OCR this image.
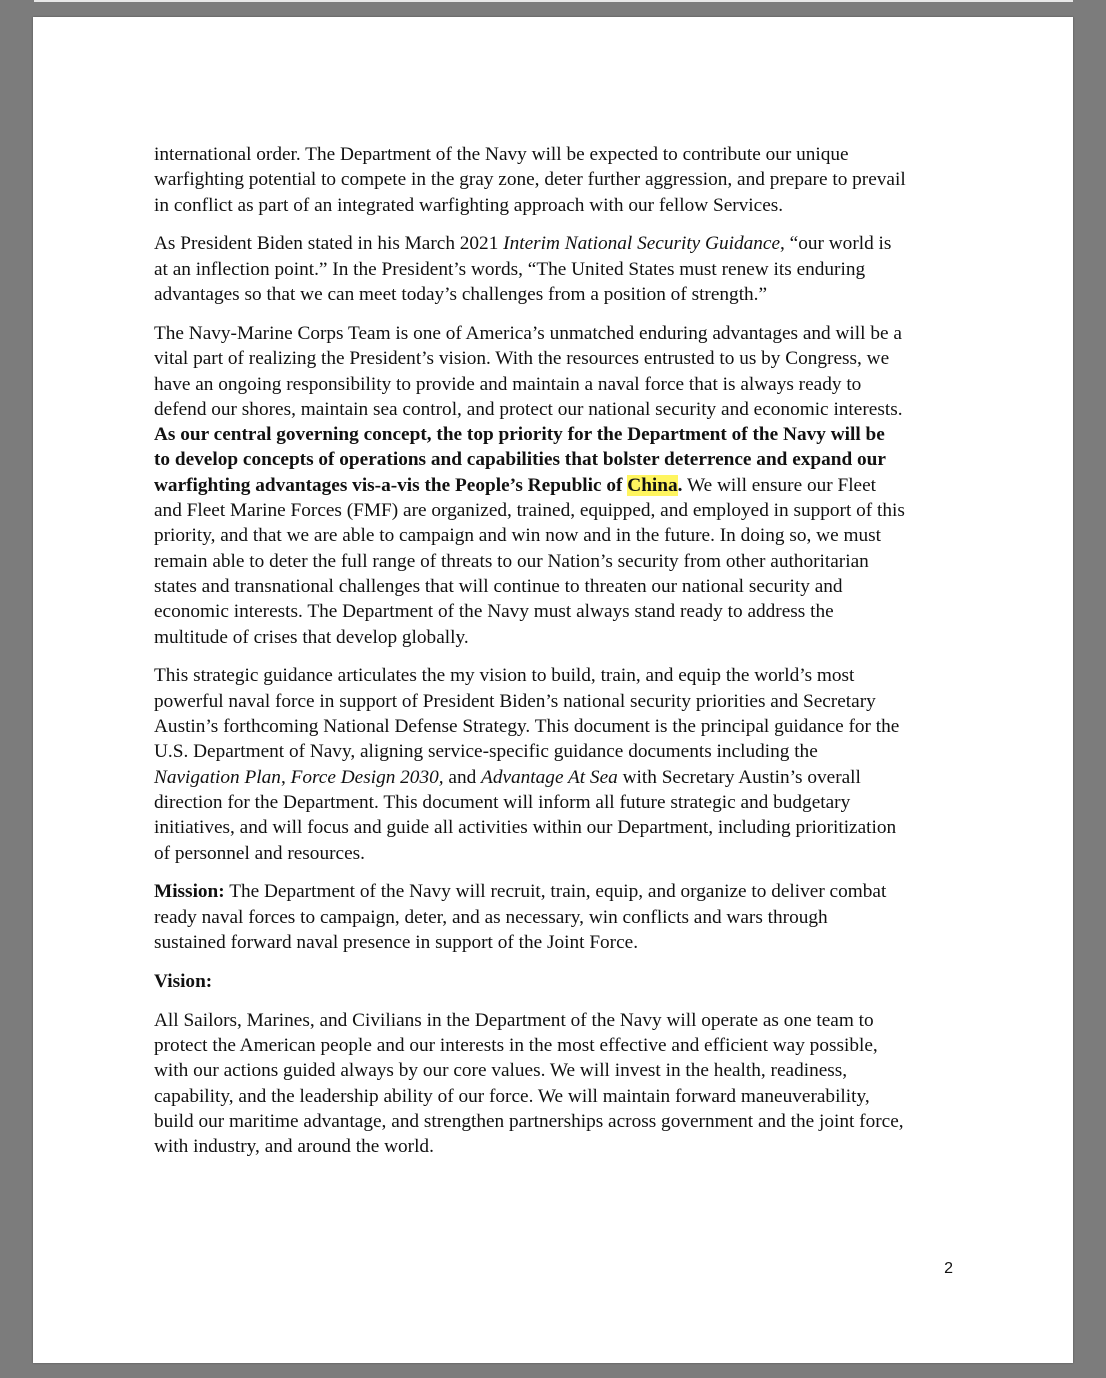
international order. The Department of the Navy will be expected to contribute our unique
warfighting potential to compete in the gray zone, deter further aggression, and prepare to prevail
in conflict as part of an integrated warfighting approach with our fellow Services.

As President Biden stated in his March 2021 Interim National Security Guidance, “our world is
at an inflection point.” In the President’s words, “The United States must renew its enduring
advantages so that we can meet today’s challenges from a position of strength.”

The Navy-Marine Corps Team is one of America’s unmatched enduring advantages and will be a
vital part of realizing the President’s vision. With the resources entrusted to us by Congress, we
have an ongoing responsibility to provide and maintain a naval force that is always ready to
defend our shores, maintain sea control, and protect our national security and economic interests.
As our central governing concept, the top priority for the Department of the Navy will be
to develop concepts of operations and capabilities that bolster deterrence and expand our
warfighting advantages vis-a-vis the People’s Republic of China. We will ensure our Fleet
and Fleet Marine Forces (FMF) are organized, trained, equipped, and employed in support of this
priority, and that we are able to campaign and win now and in the future. In doing so, we must
remain able to deter the full range of threats to our Nation’s security from other authoritarian
states and transnational challenges that will continue to threaten our national security and
economic interests. The Department of the Navy must always stand ready to address the
multitude of crises that develop globally.

This strategic guidance articulates the my vision to build, train, and equip the world’s most
powerful naval force in support of President Biden’s national security priorities and Secretary
Austin’s forthcoming National Defense Strategy. This document is the principal guidance for the
U.S. Department of Navy, aligning service-specific guidance documents including the
Navigation Plan, Force Design 2030, and Advantage At Sea with Secretary Austin’s overall
direction for the Department. This document will inform all future strategic and budgetary
initiatives, and will focus and guide all activities within our Department, including prioritization
of personnel and resources.

Mission: The Department of the Navy will recruit, train, equip, and organize to deliver combat
ready naval forces to campaign, deter, and as necessary, win conflicts and wars through
sustained forward naval presence in support of the Joint Force.

Vision:

All Sailors, Marines, and Civilians in the Department of the Navy will operate as one team to
protect the American people and our interests in the most effective and efficient way possible,
with our actions guided always by our core values. We will invest in the health, readiness,
capability, and the leadership ability of our force. We will maintain forward maneuverability,
build our maritime advantage, and strengthen partnerships across government and the joint force,
with industry, and around the world.

2
